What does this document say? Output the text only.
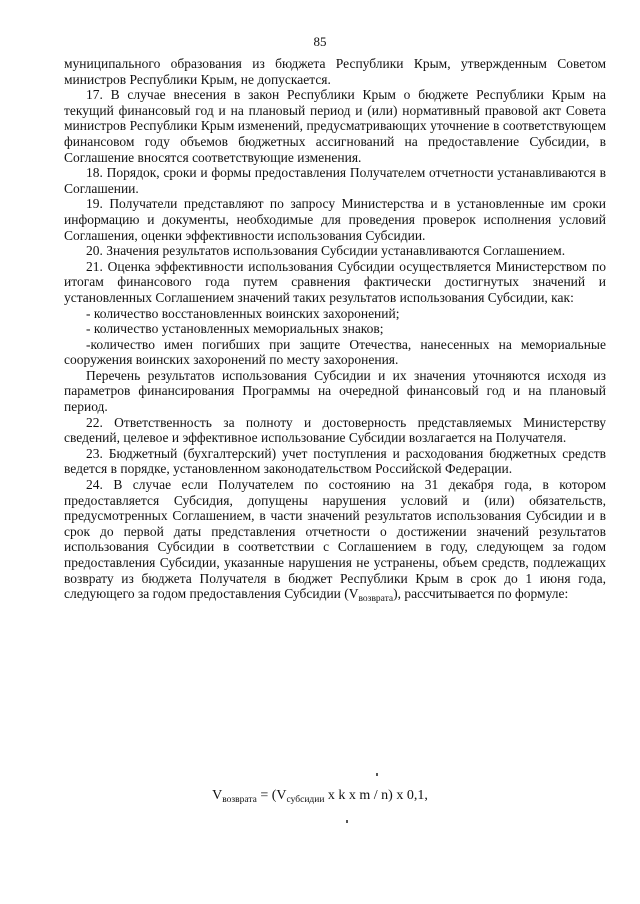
85

муниципального образования из бюджета Республики Крым, утвержденным Советом министров Республики Крым, не допускается.

17. В случае внесения в закон Республики Крым о бюджете Республики Крым на текущий финансовый год и на плановый период и (или) нормативный правовой акт Совета министров Республики Крым изменений, предусматривающих уточнение в соответствующем финансовом году объемов бюджетных ассигнований на предоставление Субсидии, в Соглашение вносятся соответствующие изменения.

18. Порядок, сроки и формы предоставления Получателем отчетности устанавливаются в Соглашении.

19. Получатели представляют по запросу Министерства и в установленные им сроки информацию и документы, необходимые для проведения проверок исполнения условий Соглашения, оценки эффективности использования Субсидии.

20. Значения результатов использования Субсидии устанавливаются Соглашением.

21. Оценка эффективности использования Субсидии осуществляется Министерством по итогам финансового года путем сравнения фактически достигнутых значений и установленных Соглашением значений таких результатов использования Субсидии, как:

- количество восстановленных воинских захоронений;

- количество установленных мемориальных знаков;

-количество имен погибших при защите Отечества, нанесенных на мемориальные сооружения воинских захоронений по месту захоронения.

Перечень результатов использования Субсидии и их значения уточняются исходя из параметров финансирования Программы на очередной финансовый год и на плановый период.

22. Ответственность за полноту и достоверность представляемых Министерству сведений, целевое и эффективное использование Субсидии возлагается на Получателя.

23. Бюджетный (бухгалтерский) учет поступления и расходования бюджетных средств ведется в порядке, установленном законодательством Российской Федерации.

24. В случае если Получателем по состоянию на 31 декабря года, в котором предоставляется Субсидия, допущены нарушения условий и (или) обязательств, предусмотренных Соглашением, в части значений результатов использования Субсидии и в срок до первой даты представления отчетности о достижении значений результатов использования Субсидии в соответствии с Соглашением в году, следующем за годом предоставления Субсидии, указанные нарушения не устранены, объем средств, подлежащих возврату из бюджета Получателя в бюджет Республики Крым в срок до 1 июня года, следующего за годом предоставления Субсидии $(V_{возврата})$, рассчитывается по формуле:

$V_{возврата} = (V_{субсидии}$ x k x m / n) x 0,1,
